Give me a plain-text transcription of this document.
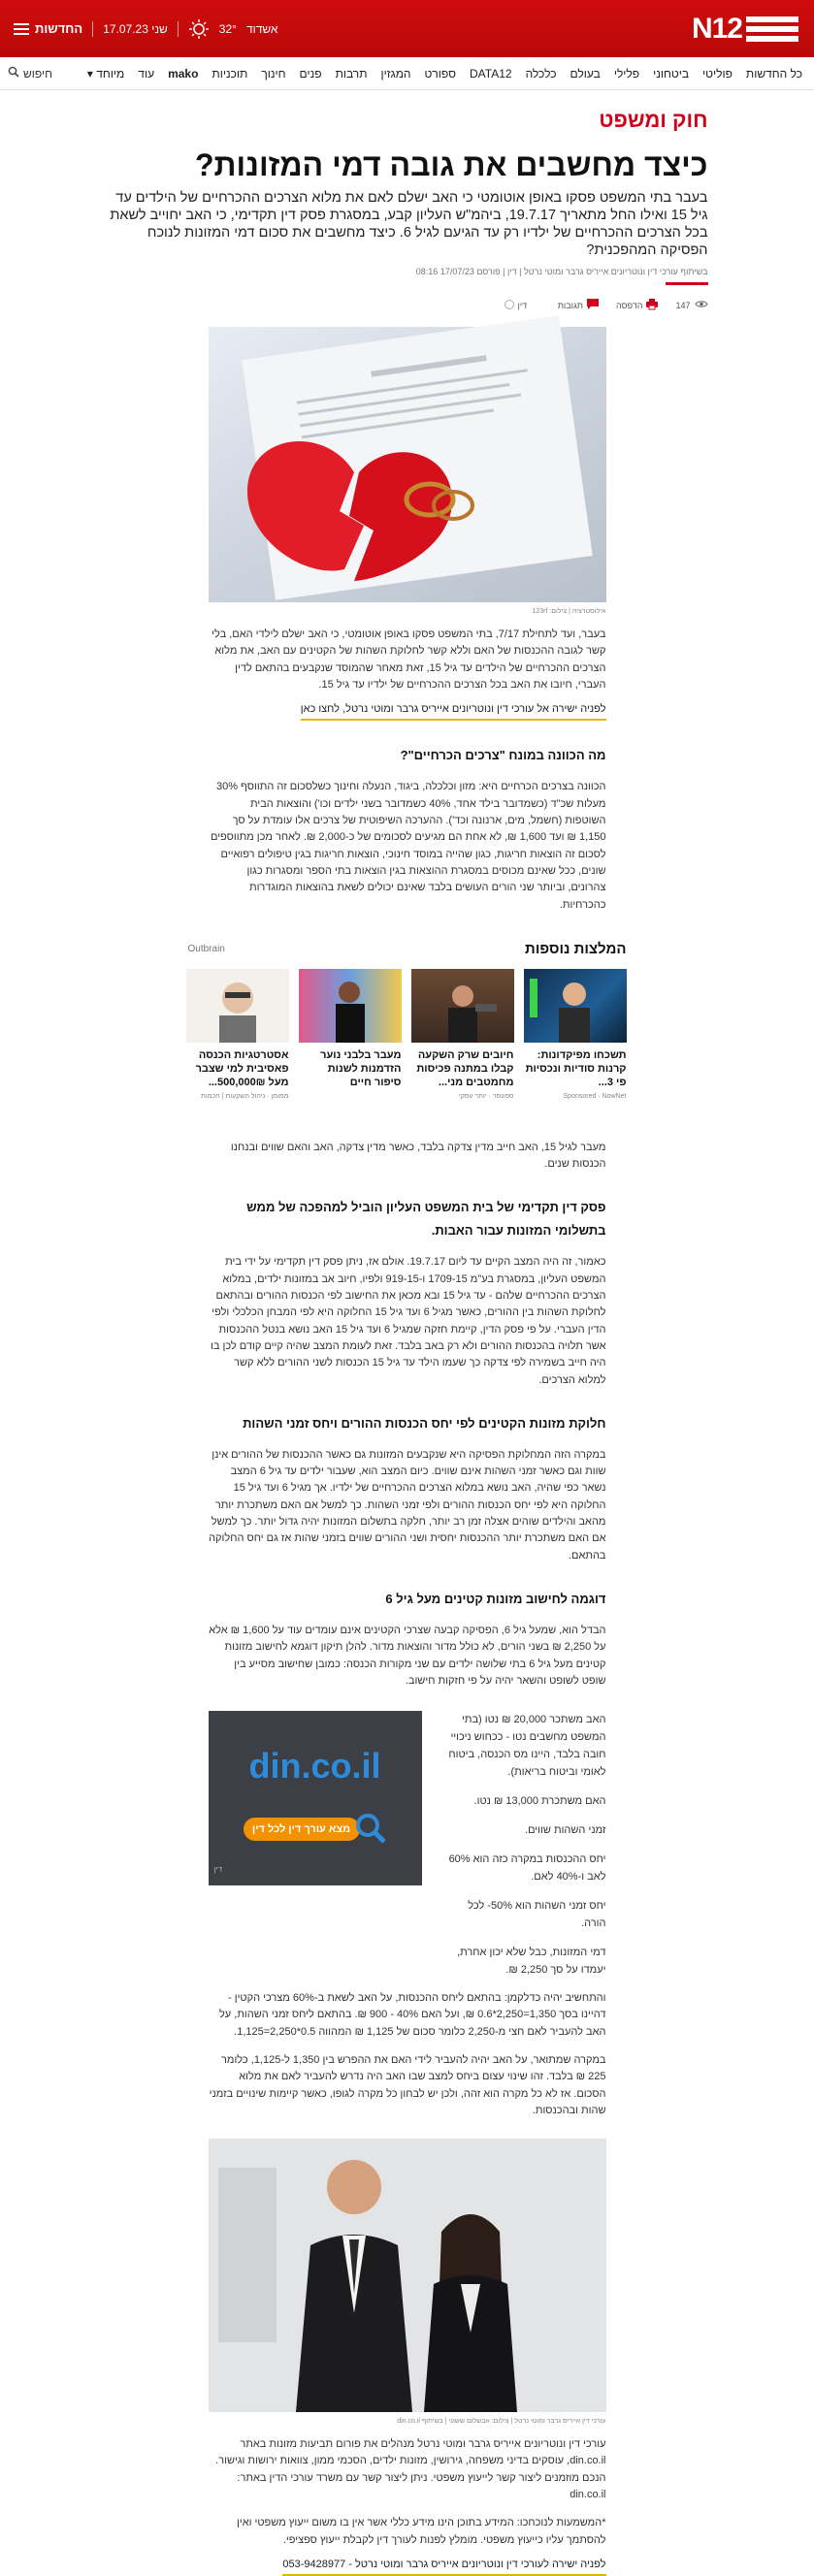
N12
אשדוד
32°
שני 17.07.23
החדשות
כל החדשות
פוליטי
ביטחוני
פלילי
בעולם
כלכלה
DATA12
ספורט
המגזין
תרבות
פנים
חינוך
תוכניות
mako
עוד
מיוחד ▾
חיפוש
חוק ומשפט
כיצד מחשבים את גובה דמי המזונות?

בעבר בתי המשפט פסקו באופן אוטומטי כי האב ישלם לאם את מלוא הצרכים ההכרחיים של הילדים עד גיל 15 ואילו החל מתאריך 19.7.17, ביהמ"ש העליון קבע, במסגרת פסק דין תקדימי, כי האב יחוייב לשאת בכל הצרכים ההכרחיים של ילדיו רק עד הגיעם לגיל 6. כיצד מחשבים את סכום דמי המזונות לנוכח הפסיקה המהפכנית?

בשיתוף עורכי דין ונוטריונים אייריס גרבר ומוטי נרטל | דין | פורסם 17/07/23 08:16
147
הדפסה
תגובות
דין
אילוסטרציה | צילום: 123rf

בעבר, ועד לתחילת 7/17, בתי המשפט פסקו באופן אוטומטי, כי האב ישלם לילדי האם, בלי קשר לגובה ההכנסות של האם וללא קשר לחלוקת השהות של הקטינים עם האב, את מלוא הצרכים ההכרחיים של הילדים עד גיל 15, זאת מאחר שהמוסד שנקבעים בהתאם לדין העברי, חיובו את האב בכל הצרכים ההכרחיים של ילדיו עד גיל 15.

לפניה ישירה אל עורכי דין ונוטריונים אייריס גרבר ומוטי נרטל, לחצו כאן
מה הכוונה במונח "צרכים הכרחיים"?

הכוונה בצרכים הכרחיים היא: מזון וכלכלה, ביגוד, הנעלה וחינוך כשלסכום זה התווסף 30% מעלות שכ"ד (כשמדובר בילד אחד, 40% כשמדובר בשני ילדים וכו') והוצאות הבית השוטפות (חשמל, מים, ארנונה וכד'). ההערכה השיפוטית של צרכים אלו עומדת על סך 1,150 ₪ ועד 1,600 ₪, לא אחת הם מגיעים לסכומים של כ-2,000 ₪. לאחר מכן מתווספים לסכום זה הוצאות חריגות, כגון שהייה במוסד חינוכי, הוצאות חריגות בגין טיפולים רפואיים שונים, ככל שאינם מכוסים במסגרת ההוצאות בגין הוצאות בתי הספר ומסגרות כגון צהרונים, וביותר שני הורים העושים בלבד שאינם יכולים לשאת בהוצאות המוגדרות כהכרחיות.

המלצות נוספות
Outbrain
תשכחו מפיקדונות: קרנות סודיות ונכסיות פי 3...
Sponsored · NowNet
חיובים שרק השקעה קבלו במתנה פכיסות מחמטבים מני...
ספונסר · יותר עסקי
מעבר בלבני נוער הזדמנות לשנות סיפור חיים
אסטרטגיות הכנסה פאסיבית למי שצבר מעל 500,000₪...
ממומן · ניהול השקעות | חכמות

מעבר לגיל 15, האב חייב מדין צדקה בלבד, כאשר מדין צדקה, האב והאם שווים ובנחנו הכנסות שנים.

פסק דין תקדימי של בית המשפט העליון הוביל למהפכה של ממש בתשלומי המזונות עבור האבות.

כאמור, זה היה המצב הקיים עד ליום 19.7.17. אולם אז, ניתן פסק דין תקדימי על ידי בית המשפט העליון, במסגרת בע"מ 1709-15 ו-919-15 ולפיו, חיוב אב במזונות ילדים, במלוא הצרכים ההכרחיים שלהם - עד גיל 15 ובא מכאן את החישוב לפי הכנסות ההורים ובהתאם לחלוקת השהות בין ההורים, כאשר מגיל 6 ועד גיל 15 החלוקה היא לפי המבחן הכלכלי ולפי הדין העברי. על פי פסק הדין, קיימת חזקה שמגיל 6 ועד גיל 15 האב נושא בנטל ההכנסות אשר תלויה בהכנסות ההורים ולא רק באב בלבד. זאת לעומת המצב שהיה קיים קודם לכן בו היה חייב בשמירה לפי צדקה כך שעמו הילד עד גיל 15 הכנסות לשני ההורים ללא קשר למלוא הצרכים.

חלוקת מזונות הקטינים לפי יחס הכנסות ההורים ויחס זמני השהות

במקרה הזה המחלוקת הפסיקה היא שנקבעים המזונות גם כאשר ההכנסות של ההורים אינן שוות וגם כאשר זמני השהות אינם שווים. כיום המצב הוא, שעבור ילדים עד גיל 6 המצב נשאר כפי שהיה, האב נושא במלוא הצרכים ההכרחיים של ילדיו. אך מגיל 6 ועד גיל 15 החלוקה היא לפי יחס הכנסות ההורים ולפי זמני השהות. כך למשל אם האם משתכרת יותר מהאב והילדים שוהים אצלה זמן רב יותר, חלקה בתשלום המזונות יהיה גדול יותר. כך למשל אם האם משתכרת יותר ההכנסות יחסית ושני ההורים שווים בזמני שהות אז גם יחס החלוקה בהתאם.

דוגמה לחישוב מזונות קטינים מעל גיל 6

הבדל הוא, שמעל גיל 6, הפסיקה קבעה שצרכי הקטינים אינם עומדים עוד על 1,600 ₪ אלא על 2,250 ₪ בשני הורים, לא כולל מדור והוצאות מדור. להלן תיקון דוגמא לחישוב מזונות קטינים מעל גיל 6 בתי שלושה ילדים עם שני מקורות הכנסה: כמובן שחישוב מסייע בין שופט לשופט והשאר יהיה על פי חזקות חישוב.

האב משתכר 20,000 ₪ נטו (בתי המשפט מחשבים נטו - ככחוש ניכויי חובה בלבד, היינו מס הכנסה, ביטוח לאומי וביטוח בריאות).

האם משתכרת 13,000 ₪ נטו.

זמני השהות שווים.

יחס ההכנסות במקרה כזה הוא 60% לאב ו-40% לאם.

יחס זמני השהות הוא 50%- לכל הורה.

דמי המזונות, כבל שלא יכון אחרת, יעמדו על סך 2,250 ₪.

din.co.il
מצא עורך דין לכל דין
דין

והתחשיב יהיה כדלקמן: בהתאם ליחס ההכנסות, על האב לשאת ב-60% מצרכי הקטין - דהיינו בסך 1,350=2,250*0.6 ₪, ועל האם 40% - 900 ₪. בהתאם ליחס זמני השהות, על האב להעביר לאם חצי מ-2,250 כלומר סכום של 1,125 ₪ המהווה 0.5*2,250=1,125.

במקרה שמתואר, על האב יהיה להעביר לידי האם את ההפרש בין 1,350 ל-1,125, כלומר 225 ₪ בלבד. זהו שינוי עצום ביחס למצב שבו האב היה נדרש להעביר לאם את מלוא הסכום. אז לא כל מקרה הוא זהה, ולכן יש לבחון כל מקרה לגופו, כאשר קיימות שינויים בזמני שהות ובהכנסות.

עורכי דין אייריס גרבר ומוטי נרטל | צילום: אבשלום ששוני | בשיתוף din.co.il

עורכי דין ונוטריונים אייריס גרבר ומוטי נרטל מנהלים את פורום תביעות מזונות באתר din.co.il, עוסקים בדיני משפחה, גירושין, מזונות ילדים, הסכמי ממון, צוואות ירושות וגישור. הנכם מוזמנים ליצור קשר לייעוץ משפטי. ניתן ליצור קשר עם משרד עורכי הדין באתר: din.co.il

*המשמעות לנוכחכו: המידע בתוכן הינו מידע כללי אשר אין בו משום ייעוץ משפטי ואין להסתמך עליו כייעוץ משפטי. מומלץ לפנות לעורך דין לקבלת ייעוץ ספציפי.

לפניה ישירה לעורכי דין ונוטריונים אייריס גרבר ומוטי נרטל - 053-9428977
